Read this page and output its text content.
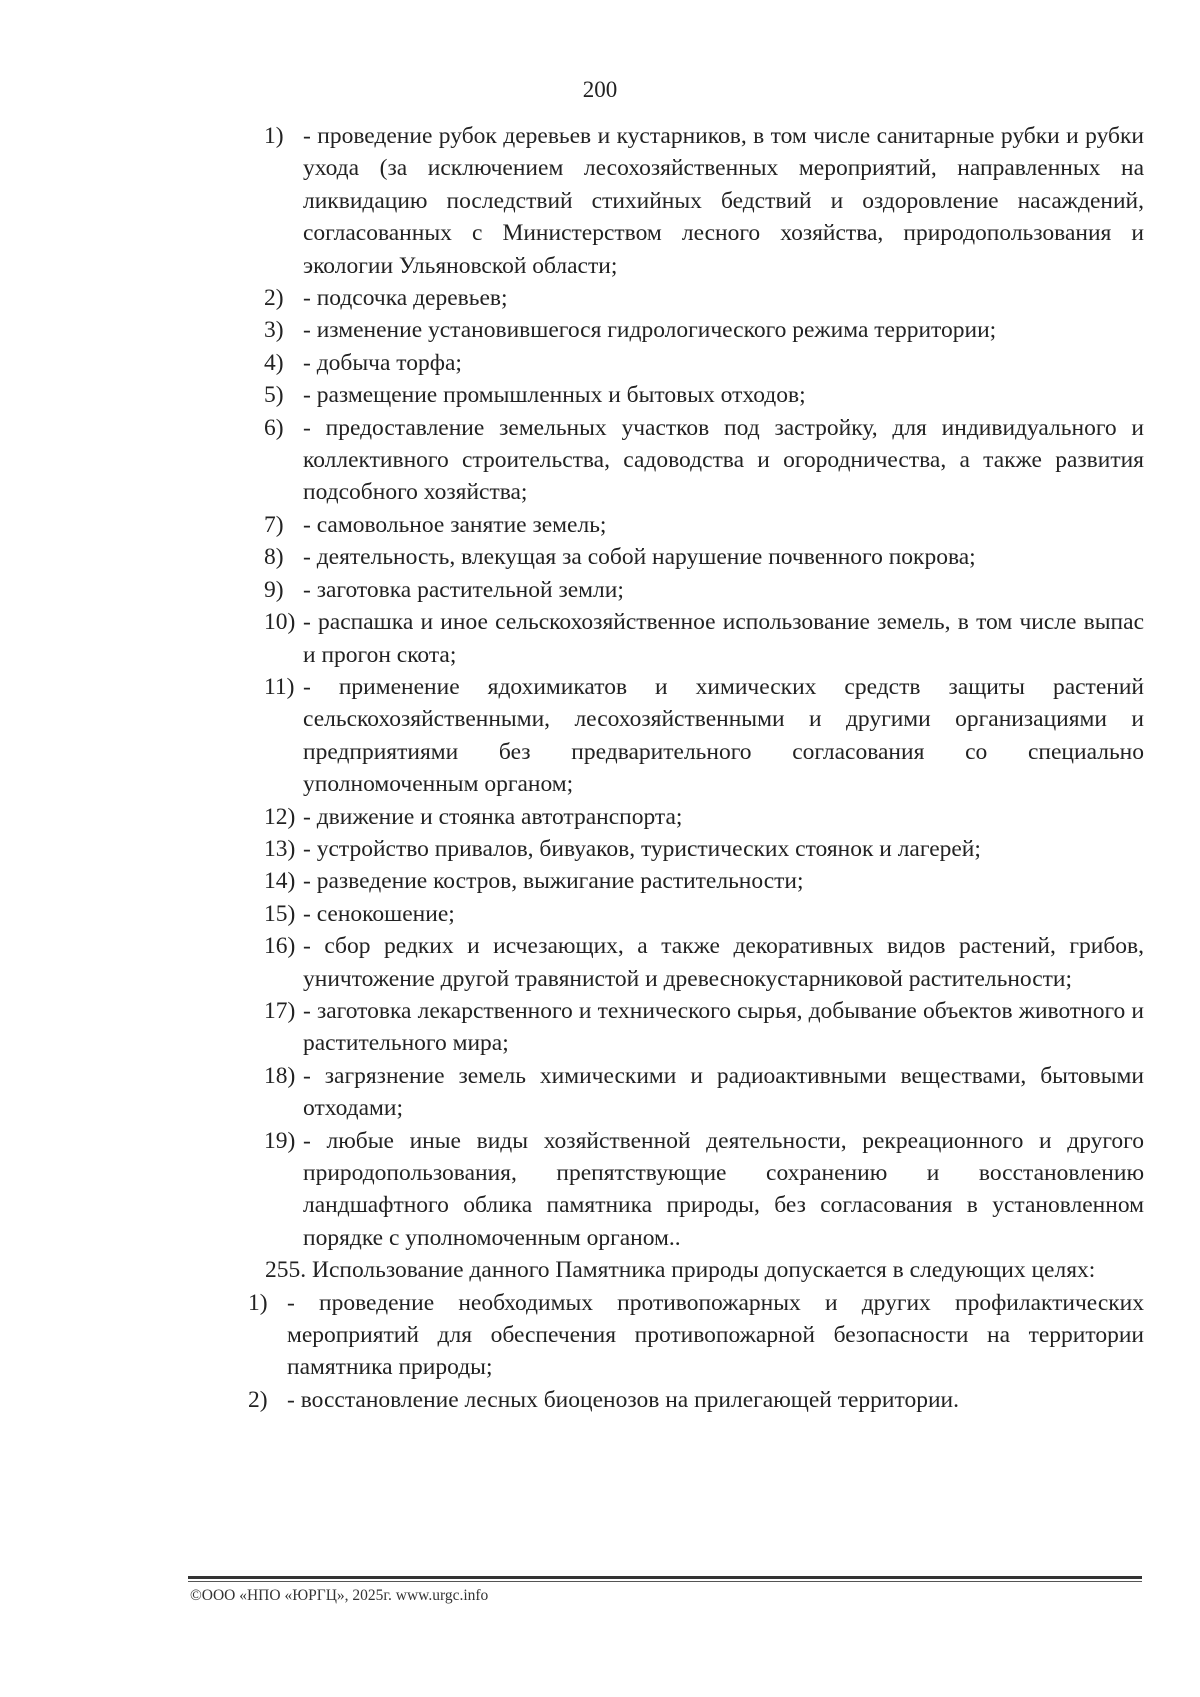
200
1) - проведение рубок деревьев и кустарников, в том числе санитарные рубки и рубки ухода (за исключением лесохозяйственных мероприятий, направленных на ликвидацию последствий стихийных бедствий и оздоровление насаждений, согласованных с Министерством лесного хозяйства, природопользования и экологии Ульяновской области;
2) - подсочка деревьев;
3) - изменение установившегося гидрологического режима территории;
4) - добыча торфа;
5) - размещение промышленных и бытовых отходов;
6) - предоставление земельных участков под застройку, для индивидуального и коллективного строительства, садоводства и огородничества, а также развития подсобного хозяйства;
7) - самовольное занятие земель;
8) - деятельность, влекущая за собой нарушение почвенного покрова;
9) - заготовка растительной земли;
10) - распашка и иное сельскохозяйственное использование земель, в том числе выпас и прогон скота;
11) - применение ядохимикатов и химических средств защиты растений сельскохозяйственными, лесохозяйственными и другими организациями и предприятиями без предварительного согласования со специально уполномоченным органом;
12) - движение и стоянка автотранспорта;
13) - устройство привалов, бивуаков, туристических стоянок и лагерей;
14) - разведение костров, выжигание растительности;
15) - сенокошение;
16) - сбор редких и исчезающих, а также декоративных видов растений, грибов, уничтожение другой травянистой и древеснокустарниковой растительности;
17) - заготовка лекарственного и технического сырья, добывание объектов животного и растительного мира;
18) - загрязнение земель химическими и радиоактивными веществами, бытовыми отходами;
19) - любые иные виды хозяйственной деятельности, рекреационного и другого природопользования, препятствующие сохранению и восстановлению ландшафтного облика памятника природы, без согласования в установленном порядке с уполномоченным органом..
255. Использование данного Памятника природы допускается в следующих целях:
1) - проведение необходимых противопожарных и других профилактических мероприятий для обеспечения противопожарной безопасности на территории памятника природы;
2) - восстановление лесных биоценозов на прилегающей территории.
©ООО «НПО «ЮРГЦ», 2025г. www.urgc.info
